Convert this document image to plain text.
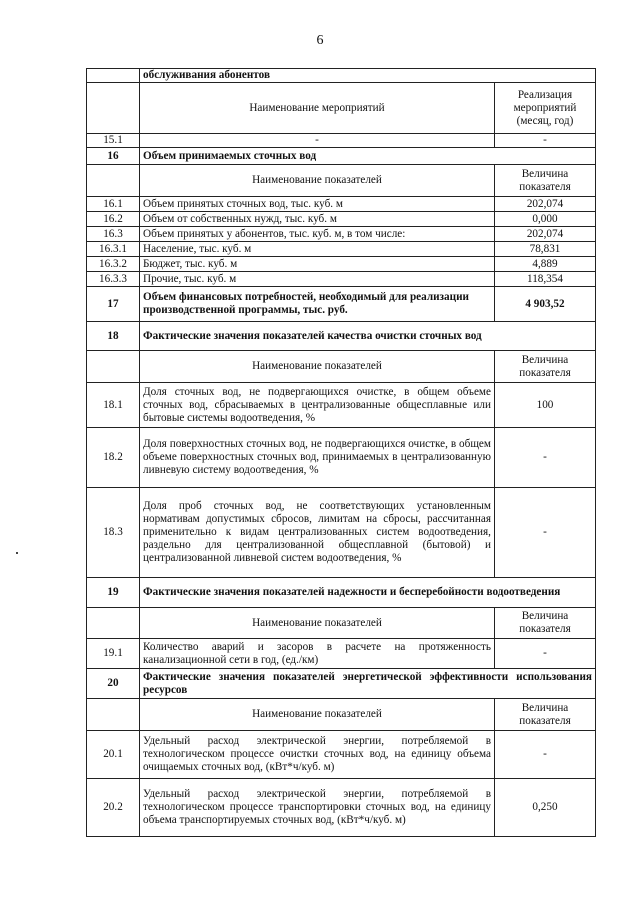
6
	обслуживания абонентов	
	Наименование мероприятий	Реализация мероприятий (месяц, год)
15.1	-	-
16	Объем принимаемых сточных вод	
	Наименование показателей	Величина показателя
16.1	Объем принятых сточных вод, тыс. куб. м	202,074
16.2	Объем от собственных нужд, тыс. куб. м	0,000
16.3	Объем принятых у абонентов, тыс. куб. м, в том числе:	202,074
16.3.1	Население, тыс. куб. м	78,831
16.3.2	Бюджет, тыс. куб. м	4,889
16.3.3	Прочие, тыс. куб. м	118,354
17	Объем финансовых потребностей, необходимый для реализации производственной программы, тыс. руб.	4 903,52
18	Фактические значения показателей качества очистки сточных вод	
	Наименование показателей	Величина показателя
18.1	Доля сточных вод, не подвергающихся очистке, в общем объеме сточных вод, сбрасываемых в централизованные общесплавные или бытовые системы водоотведения, %	100
18.2	Доля поверхностных сточных вод, не подвергающихся очистке, в общем объеме поверхностных сточных вод, принимаемых в централизованную ливневую систему водоотведения, %	-
18.3	Доля проб сточных вод, не соответствующих установленным нормативам допустимых сбросов, лимитам на сбросы, рассчитанная применительно к видам централизованных систем водоотведения, раздельно для централизованной общесплавной (бытовой) и централизованной ливневой систем водоотведения, %	-
19	Фактические значения показателей надежности и бесперебойности водоотведения	
	Наименование показателей	Величина показателя
19.1	Количество аварий и засоров в расчете на протяженность канализационной сети в год, (ед./км)	-
20	Фактические значения показателей энергетической эффективности использования ресурсов	
	Наименование показателей	Величина показателя
20.1	Удельный расход электрической энергии, потребляемой в технологическом процессе очистки сточных вод, на единицу объема очищаемых сточных вод, (кВт*ч/куб. м)	-
20.2	Удельный расход электрической энергии, потребляемой в технологическом процессе транспортировки сточных вод, на единицу объема транспортируемых сточных вод, (кВт*ч/куб. м)	0,250
